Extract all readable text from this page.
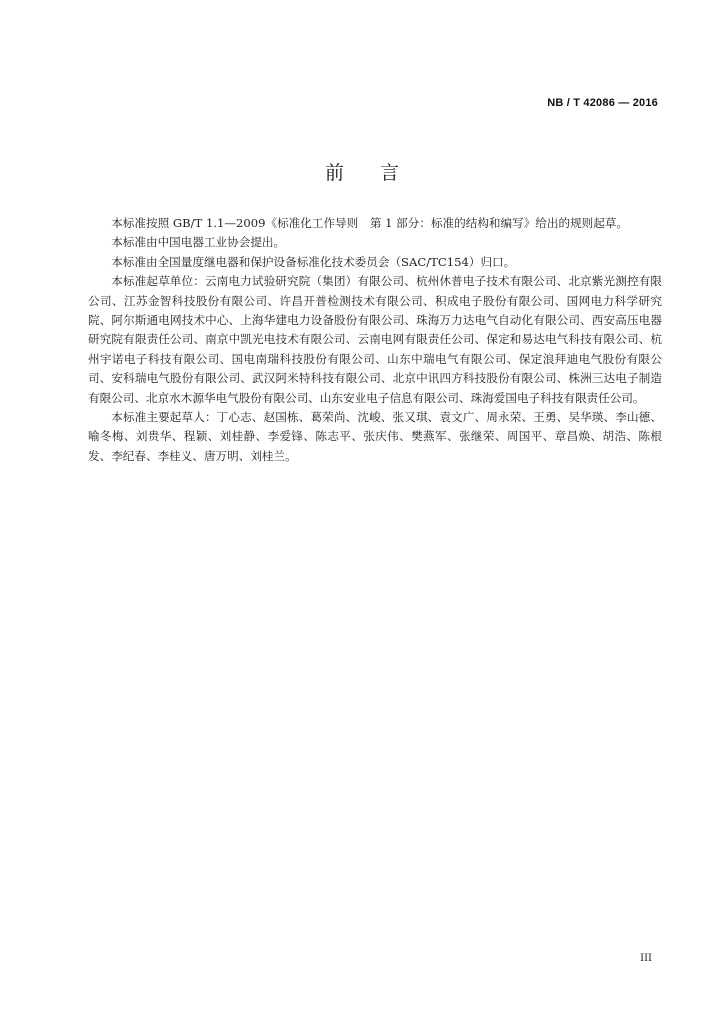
NB / T 42086 — 2016
前言

本标准按照 GB/T 1.1—2009《标准化工作导则　第 1 部分：标准的结构和编写》给出的规则起草。

本标准由中国电器工业协会提出。

本标准由全国量度继电器和保护设备标准化技术委员会（SAC/TC154）归口。

本标准起草单位：云南电力试验研究院（集团）有限公司、杭州休普电子技术有限公司、北京紫光测控有限公司、江苏金智科技股份有限公司、许昌开普检测技术有限公司、积成电子股份有限公司、国网电力科学研究院、阿尔斯通电网技术中心、上海华建电力设备股份有限公司、珠海万力达电气自动化有限公司、西安高压电器研究院有限责任公司、南京中凯光电技术有限公司、云南电网有限责任公司、保定和易达电气科技有限公司、杭州宇诺电子科技有限公司、国电南瑞科技股份有限公司、山东中瑞电气有限公司、保定浪拜迪电气股份有限公司、安科瑞电气股份有限公司、武汉阿米特科技有限公司、北京中讯四方科技股份有限公司、株洲三达电子制造有限公司、北京水木源华电气股份有限公司、山东安业电子信息有限公司、珠海爱国电子科技有限责任公司。

本标准主要起草人：丁心志、赵国栋、葛荣尚、沈峻、张又琪、袁文广、周永荣、王勇、吴华瑛、李山德、喻冬梅、刘贵华、程颖、刘桂静、李爱锋、陈志平、张庆伟、樊燕军、张继荣、周国平、章昌焕、胡浩、陈根发、李纪春、李桂义、唐万明、刘桂兰。

III
